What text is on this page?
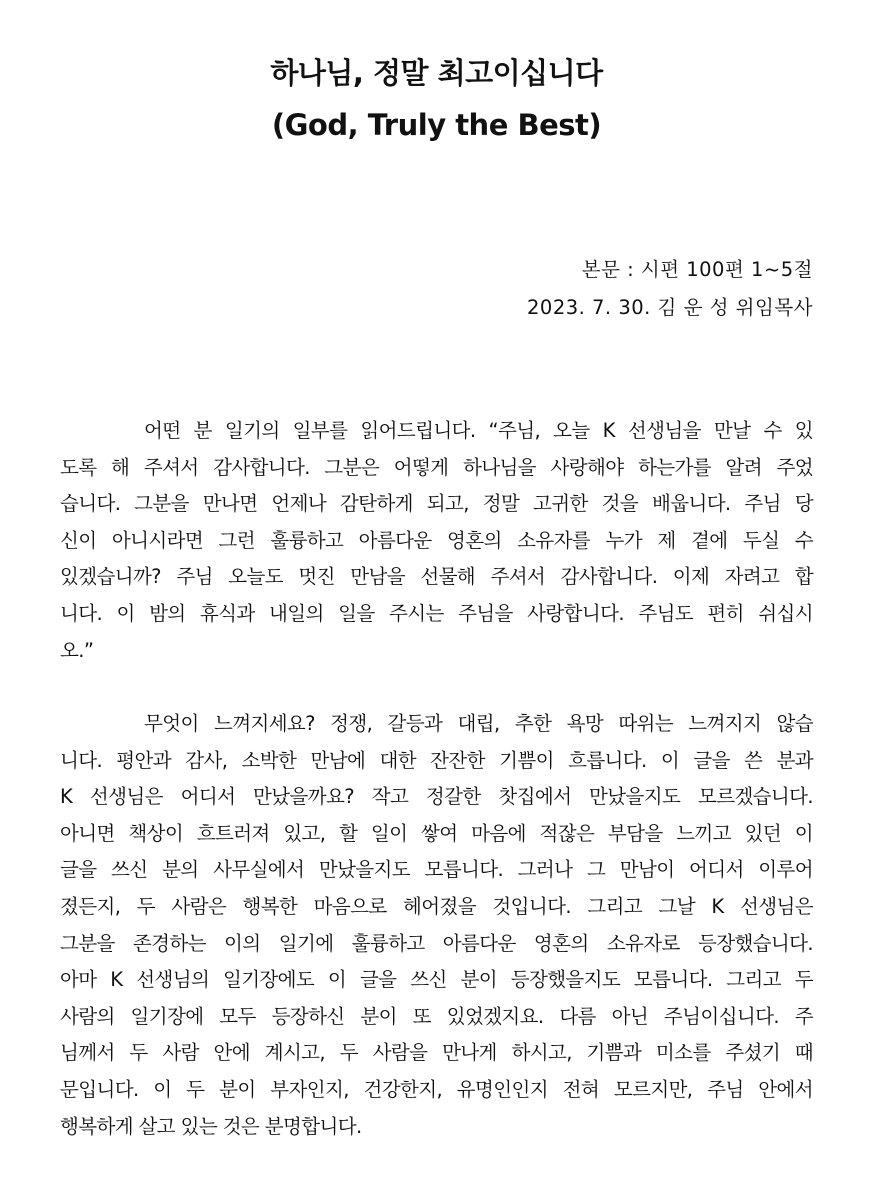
하나님, 정말 최고이십니다
(God, Truly the Best)
본문 : 시편 100편 1~5절
2023. 7. 30. 김 운 성 위임목사

어떤 분 일기의 일부를 읽어드립니다. “주님, 오늘 K 선생님을 만날 수 있
도록 해 주셔서 감사합니다. 그분은 어떻게 하나님을 사랑해야 하는가를 알려 주었
습니다. 그분을 만나면 언제나 감탄하게 되고, 정말 고귀한 것을 배웁니다. 주님 당
신이 아니시라면 그런 훌륭하고 아름다운 영혼의 소유자를 누가 제 곁에 두실 수
있겠습니까? 주님 오늘도 멋진 만남을 선물해 주셔서 감사합니다. 이제 자려고 합
니다. 이 밤의 휴식과 내일의 일을 주시는 주님을 사랑합니다. 주님도 편히 쉬십시
오.”

무엇이 느껴지세요? 정쟁, 갈등과 대립, 추한 욕망 따위는 느껴지지 않습
니다. 평안과 감사, 소박한 만남에 대한 잔잔한 기쁨이 흐릅니다. 이 글을 쓴 분과
K 선생님은 어디서 만났을까요? 작고 정갈한 찻집에서 만났을지도 모르겠습니다.
아니면 책상이 흐트러져 있고, 할 일이 쌓여 마음에 적잖은 부담을 느끼고 있던 이
글을 쓰신 분의 사무실에서 만났을지도 모릅니다. 그러나 그 만남이 어디서 이루어
졌든지, 두 사람은 행복한 마음으로 헤어졌을 것입니다. 그리고 그날 K 선생님은
그분을 존경하는 이의 일기에 훌륭하고 아름다운 영혼의 소유자로 등장했습니다.
아마 K 선생님의 일기장에도 이 글을 쓰신 분이 등장했을지도 모릅니다. 그리고 두
사람의 일기장에 모두 등장하신 분이 또 있었겠지요. 다름 아닌 주님이십니다. 주
님께서 두 사람 안에 계시고, 두 사람을 만나게 하시고, 기쁨과 미소를 주셨기 때
문입니다. 이 두 분이 부자인지, 건강한지, 유명인인지 전혀 모르지만, 주님 안에서
행복하게 살고 있는 것은 분명합니다.
